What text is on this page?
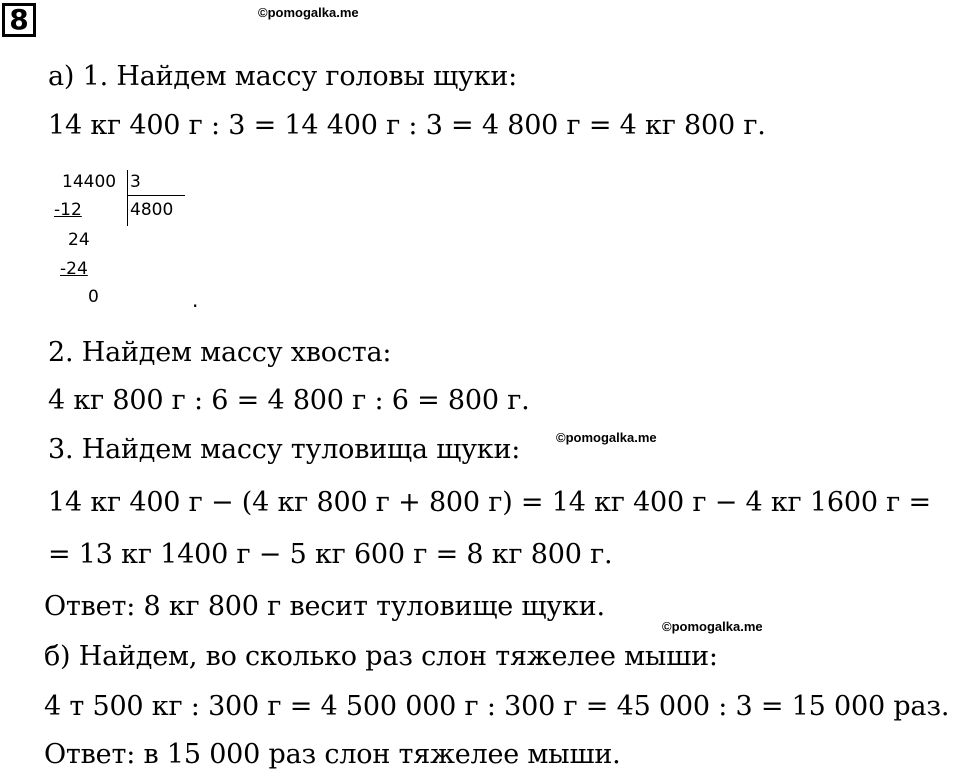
8	©pomogalka.me
©pomogalka.me
©pomogalka.me
а) 1. Найдем массу головы щуки:
14 кг 400 г : 3 = 14 400 г : 3 = 4 800 г = 4 кг 800 г.
14400 3
4800
-12
24
-24
0	.
2. Найдем массу хвоста:
4 кг 800 г : 6 = 4 800 г : 6 = 800 г.
3. Найдем массу туловища щуки:
14 кг 400 г − (4 кг 800 г + 800 г) = 14 кг 400 г − 4 кг 1600 г =
= 13 кг 1400 г − 5 кг 600 г = 8 кг 800 г.
Ответ: 8 кг 800 г весит туловище щуки.
б) Найдем, во сколько раз слон тяжелее мыши:
4 т 500 кг : 300 г = 4 500 000 г : 300 г = 45 000 : 3 = 15 000 раз.
Ответ: в 15 000 раз слон тяжелее мыши.
